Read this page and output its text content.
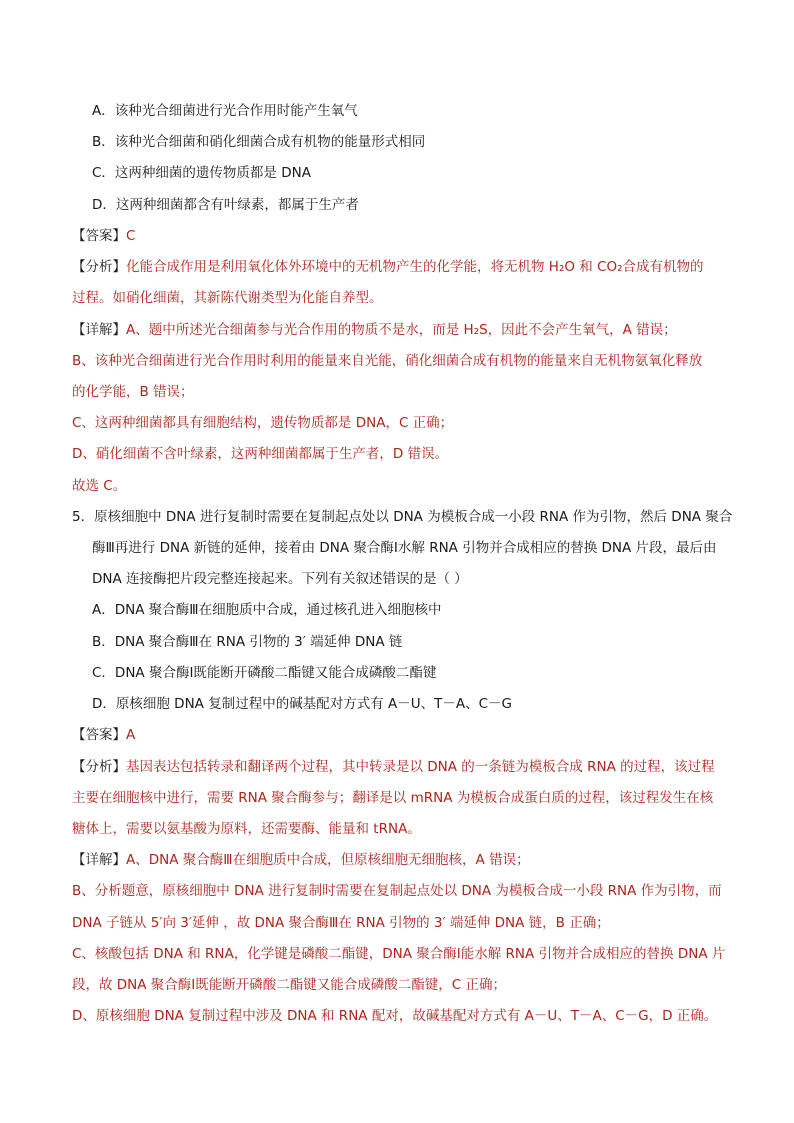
A．该种光合细菌进行光合作用时能产生氧气
B．该种光合细菌和硝化细菌合成有机物的能量形式相同
C．这两种细菌的遗传物质都是 DNA
D．这两种细菌都含有叶绿素，都属于生产者
【答案】C
【分析】化能合成作用是利用氧化体外环境中的无机物产生的化学能，将无机物 H₂O 和 CO₂合成有机物的
过程。如硝化细菌，其新陈代谢类型为化能自养型。
【详解】A、题中所述光合细菌参与光合作用的物质不是水，而是 H₂S，因此不会产生氧气，A 错误；
B、该种光合细菌进行光合作用时利用的能量来自光能，硝化细菌合成有机物的能量来自无机物氨氧化释放
的化学能，B 错误；
C、这两种细菌都具有细胞结构，遗传物质都是 DNA，C 正确；
D、硝化细菌不含叶绿素，这两种细菌都属于生产者，D 错误。
故选 C。
5．原核细胞中 DNA 进行复制时需要在复制起点处以 DNA 为模板合成一小段 RNA 作为引物，然后 DNA 聚合
酶Ⅲ再进行 DNA 新链的延伸，接着由 DNA 聚合酶Ⅰ水解 RNA 引物并合成相应的替换 DNA 片段，最后由
DNA 连接酶把片段完整连接起来。下列有关叙述错误的是（ ）
A．DNA 聚合酶Ⅲ在细胞质中合成，通过核孔进入细胞核中
B．DNA 聚合酶Ⅲ在 RNA 引物的 3′ 端延伸 DNA 链
C．DNA 聚合酶Ⅰ既能断开磷酸二酯键又能合成磷酸二酯键
D．原核细胞 DNA 复制过程中的碱基配对方式有 A－U、T－A、C－G
【答案】A
【分析】基因表达包括转录和翻译两个过程，其中转录是以 DNA 的一条链为模板合成 RNA 的过程，该过程
主要在细胞核中进行，需要 RNA 聚合酶参与；翻译是以 mRNA 为模板合成蛋白质的过程，该过程发生在核
糖体上，需要以氨基酸为原料，还需要酶、能量和 tRNA。
【详解】A、DNA 聚合酶Ⅲ在细胞质中合成，但原核细胞无细胞核，A 错误；
B、分析题意，原核细胞中 DNA 进行复制时需要在复制起点处以 DNA 为模板合成一小段 RNA 作为引物，而
DNA 子链从 5′向 3′延伸 ，故 DNA 聚合酶Ⅲ在 RNA 引物的 3′ 端延伸 DNA 链，B 正确；
C、核酸包括 DNA 和 RNA，化学键是磷酸二酯键，DNA 聚合酶Ⅰ能水解 RNA 引物并合成相应的替换 DNA 片
段，故 DNA 聚合酶Ⅰ既能断开磷酸二酯键又能合成磷酸二酯键，C 正确；
D、原核细胞 DNA 复制过程中涉及 DNA 和 RNA 配对，故碱基配对方式有 A－U、T－A、C－G，D 正确。
